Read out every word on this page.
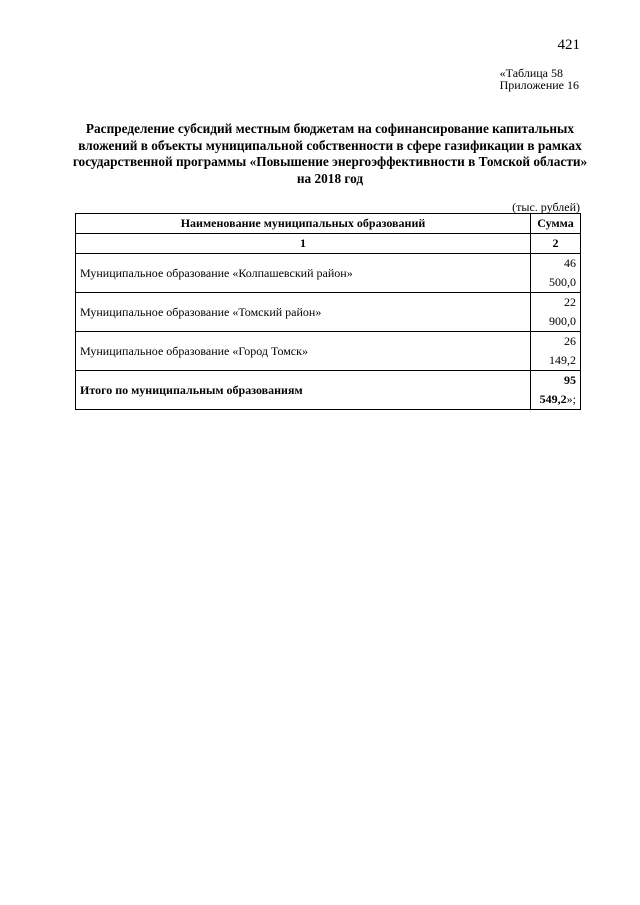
421
«Таблица 58
Приложение 16
Распределение субсидий местным бюджетам на софинансирование капитальных вложений в объекты муниципальной собственности в сфере газификации в рамках государственной программы «Повышение энергоэффективности в Томской области» на 2018 год
(тыс. рублей)
Наименование муниципальных образований	Сумма
1	2
Муниципальное образование «Колпашевский район»	46 500,0
Муниципальное образование «Томский район»	22 900,0
Муниципальное образование «Город Томск»	26 149,2
Итого по муниципальным образованиям	95 549,2»;
